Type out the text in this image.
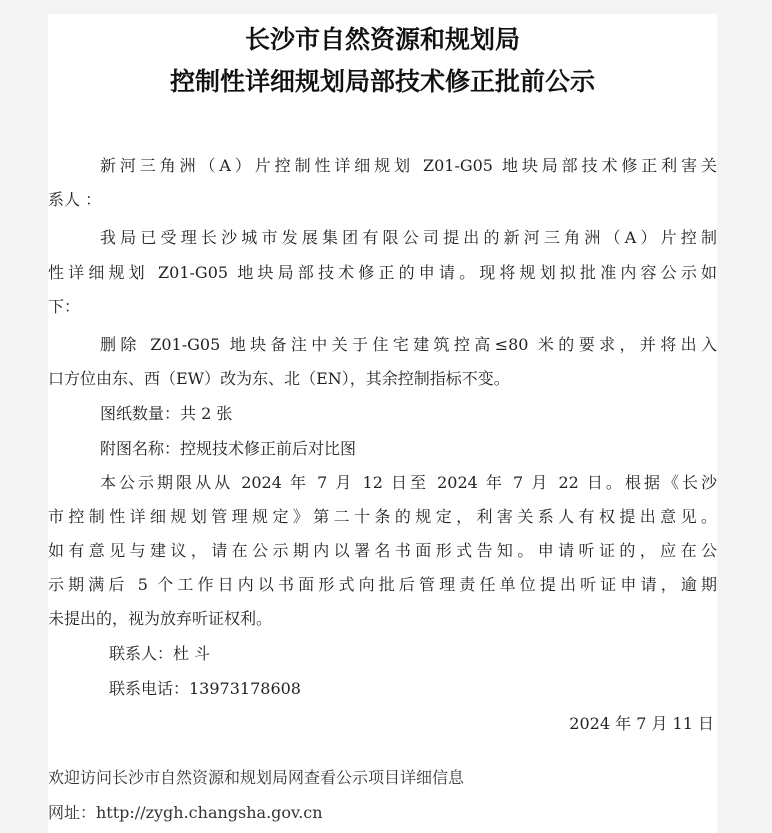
长沙市自然资源和规划局
控制性详细规划局部技术修正批前公示
新河三角洲（A）片控制性详细规划 Z01-G05 地块局部技术修正利害关
系人 ：
我局已受理长沙城市发展集团有限公司提出的新河三角洲（A）片控制
性详细规划 Z01-G05 地块局部技术修正的申请。现将规划拟批准内容公示如
下：
删除 Z01-G05 地块备注中关于住宅建筑控高≤80 米的要求，并将出入
口方位由东、西（EW）改为东、北（EN），其余控制指标不变。
图纸数量：共 2 张
附图名称：控规技术修正前后对比图
本公示期限从从 2024 年 7 月 12 日至 2024 年 7 月 22 日。根据《长沙
市控制性详细规划管理规定》第二十条的规定，利害关系人有权提出意见。
如有意见与建议，请在公示期内以署名书面形式告知。申请听证的，应在公
示期满后 5 个工作日内以书面形式向批后管理责任单位提出听证申请，逾期
未提出的，视为放弃听证权利。
联系人：杜 斗
联系电话：13973178608
2024 年 7 月 11 日
欢迎访问长沙市自然资源和规划局网查看公示项目详细信息
网址：http://zygh.changsha.gov.cn
